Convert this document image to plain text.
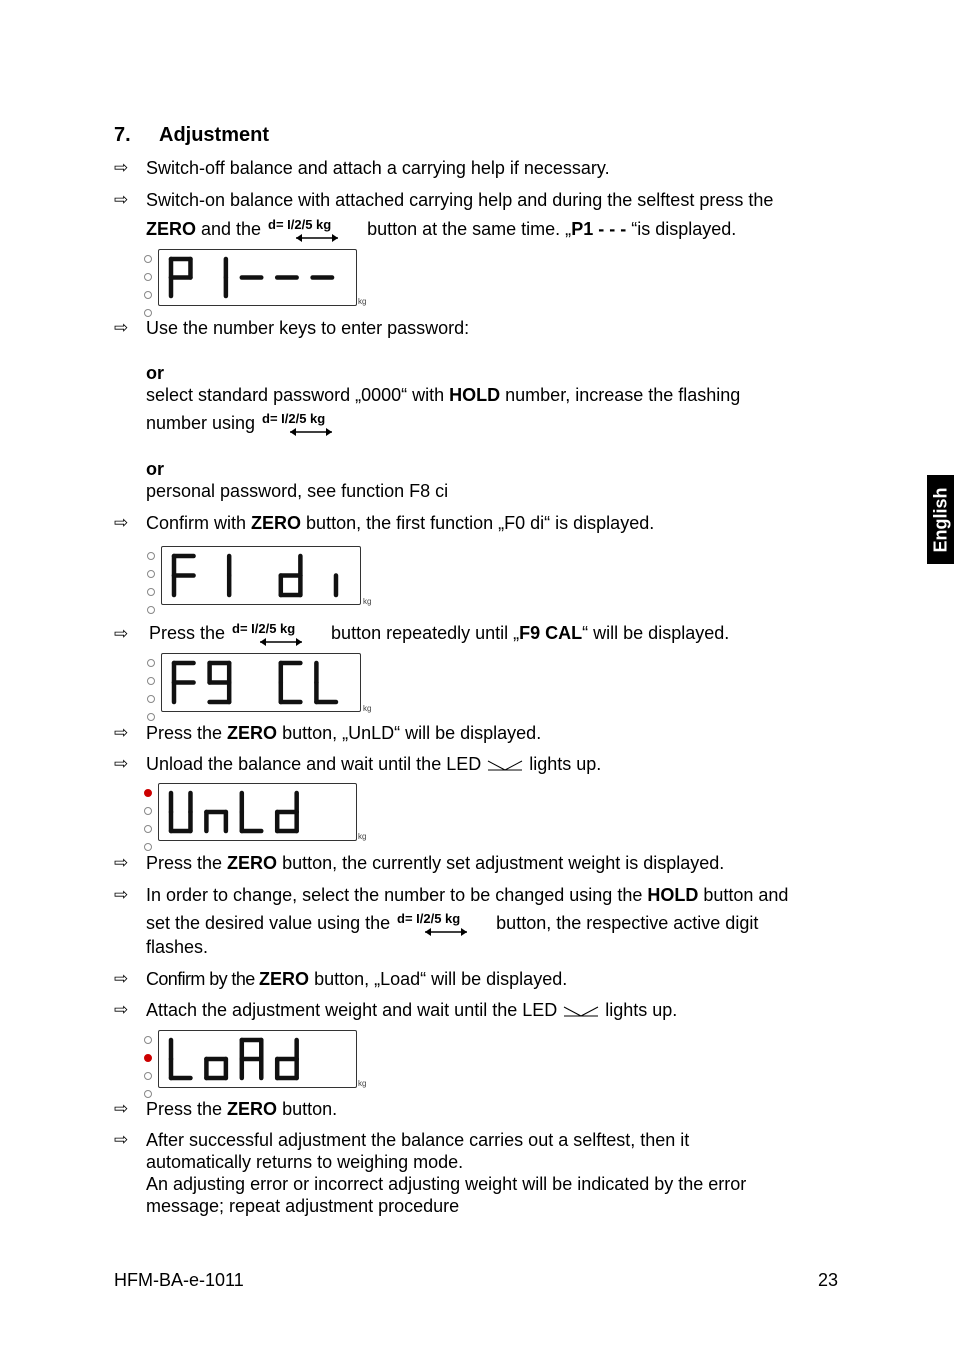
7. Adjustment
⇨ Switch-off balance and attach a carrying help if necessary.
⇨ Switch-on balance with attached carrying help and during the selftest press the
ZERO and the d= I/2/5 kg button at the same time. „P1 - - - “is displayed.
kg
⇨ Use the number keys to enter password:
or
select standard password „0000“ with HOLD number, increase the flashing
number using d= I/2/5 kg
or
personal password, see function F8 ci
⇨ Confirm with ZERO button, the first function „F0 di“ is displayed.
kg
⇨ Press the d= I/2/5 kg button repeatedly until „F9 CAL“ will be displayed.
kg
⇨ Press the ZERO button, „UnLD“ will be displayed.
⇨ Unload the balance and wait until the LED  lights up.
kg
⇨ Press the ZERO button, the currently set adjustment weight is displayed.
⇨ In order to change, select the number to be changed using the HOLD button and
set the desired value using the d= I/2/5 kg button, the respective active digit
flashes.
⇨ Confirm by the ZERO button, „Load“ will be displayed.
⇨ Attach the adjustment weight and wait until the LED  lights up.
kg
⇨ Press the ZERO button.
⇨ After successful adjustment the balance carries out a selftest, then it
automatically returns to weighing mode.
An adjusting error or incorrect adjusting weight will be indicated by the error
message; repeat adjustment procedure
English
HFM-BA-e-1011	23
